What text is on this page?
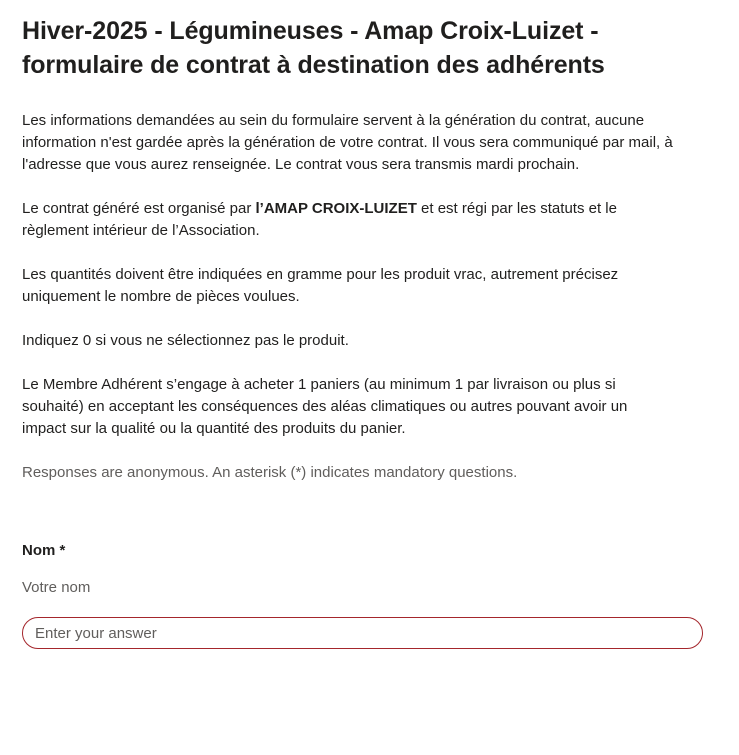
Hiver-2025 - Légumineuses - Amap Croix-Luizet - formulaire de contrat à destination des adhérents

Les informations demandées au sein du formulaire servent à la génération du contrat, aucune information n'est gardée après la génération de votre contrat. Il vous sera communiqué par mail, à l'adresse que vous aurez renseignée. Le contrat vous sera transmis mardi prochain.

Le contrat généré est organisé par l’AMAP CROIX-LUIZET et est régi par les statuts et le règlement intérieur de l’Association.

Les quantités doivent être indiquées en gramme pour les produit vrac, autrement précisez uniquement le nombre de pièces voulues.

Indiquez 0 si vous ne sélectionnez pas le produit.

Le Membre Adhérent s’engage à acheter 1 paniers (au minimum 1 par livraison ou plus si souhaité) en acceptant les conséquences des aléas climatiques ou autres pouvant avoir un impact sur la qualité ou la quantité des produits du panier.

Responses are anonymous. An asterisk (*) indicates mandatory questions.

Nom *
Votre nom
Enter your answer
